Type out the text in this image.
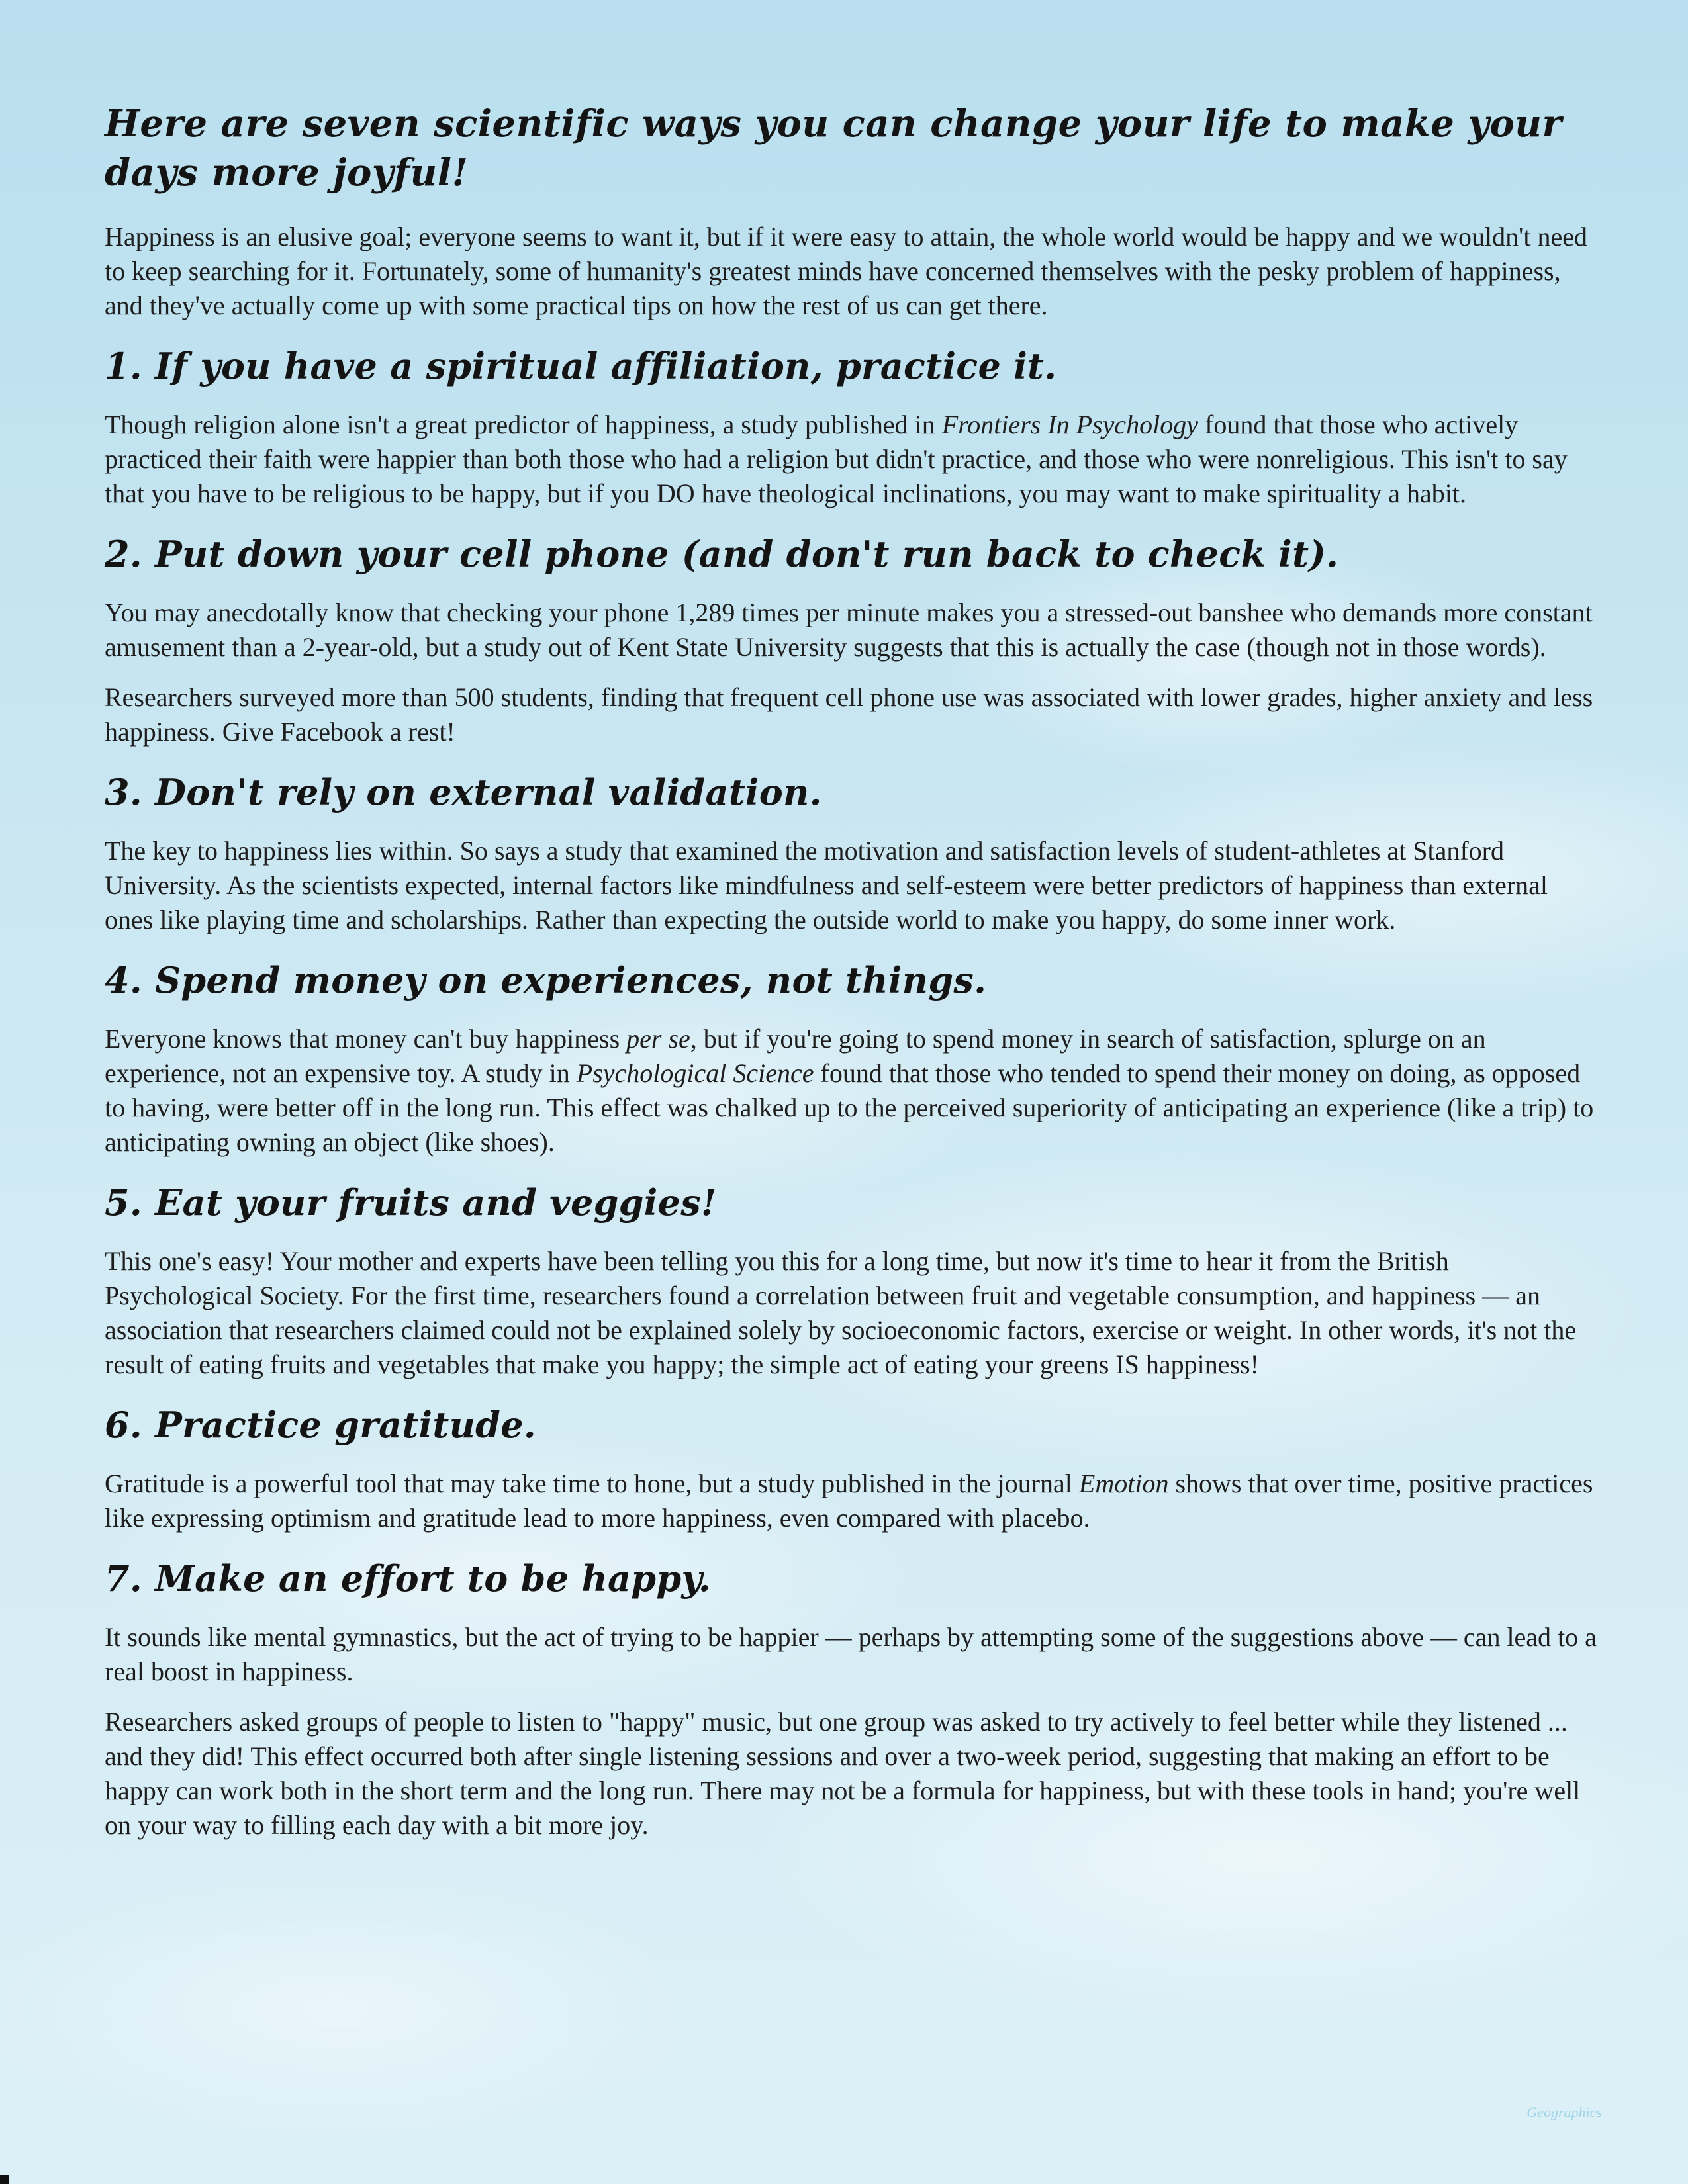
Here are seven scientific ways you can change your life to make your days more joyful!

Happiness is an elusive goal; everyone seems to want it, but if it were easy to attain, the whole world would be happy and we wouldn't need to keep searching for it. Fortunately, some of humanity's greatest minds have concerned themselves with the pesky problem of happiness, and they've actually come up with some practical tips on how the rest of us can get there.

1. If you have a spiritual affiliation, practice it.

Though religion alone isn't a great predictor of happiness, a study published in Frontiers In Psychology found that those who actively practiced their faith were happier than both those who had a religion but didn't practice, and those who were nonreligious. This isn't to say that you have to be religious to be happy, but if you DO have theological inclinations, you may want to make spirituality a habit.

2. Put down your cell phone (and don't run back to check it).

You may anecdotally know that checking your phone 1,289 times per minute makes you a stressed-out banshee who demands more constant amusement than a 2-year-old, but a study out of Kent State University suggests that this is actually the case (though not in those words).

Researchers surveyed more than 500 students, finding that frequent cell phone use was associated with lower grades, higher anxiety and less happiness. Give Facebook a rest!

3. Don't rely on external validation.

The key to happiness lies within. So says a study that examined the motivation and satisfaction levels of student-athletes at Stanford University. As the scientists expected, internal factors like mindfulness and self-esteem were better predictors of happiness than external ones like playing time and scholarships. Rather than expecting the outside world to make you happy, do some inner work.

4. Spend money on experiences, not things.

Everyone knows that money can't buy happiness per se, but if you're going to spend money in search of satisfaction, splurge on an experience, not an expensive toy. A study in Psychological Science found that those who tended to spend their money on doing, as opposed to having, were better off in the long run. This effect was chalked up to the perceived superiority of anticipating an experience (like a trip) to anticipating owning an object (like shoes).

5. Eat your fruits and veggies!

This one's easy! Your mother and experts have been telling you this for a long time, but now it's time to hear it from the British Psychological Society. For the first time, researchers found a correlation between fruit and vegetable consumption, and happiness — an association that researchers claimed could not be explained solely by socioeconomic factors, exercise or weight. In other words, it's not the result of eating fruits and vegetables that make you happy; the simple act of eating your greens IS happiness!

6. Practice gratitude.

Gratitude is a powerful tool that may take time to hone, but a study published in the journal Emotion shows that over time, positive practices like expressing optimism and gratitude lead to more happiness, even compared with placebo.

7. Make an effort to be happy.

It sounds like mental gymnastics, but the act of trying to be happier — perhaps by attempting some of the suggestions above — can lead to a real boost in happiness.

Researchers asked groups of people to listen to "happy" music, but one group was asked to try actively to feel better while they listened ... and they did! This effect occurred both after single listening sessions and over a two-week period, suggesting that making an effort to be happy can work both in the short term and the long run. There may not be a formula for happiness, but with these tools in hand; you're well on your way to filling each day with a bit more joy.

Geographics
